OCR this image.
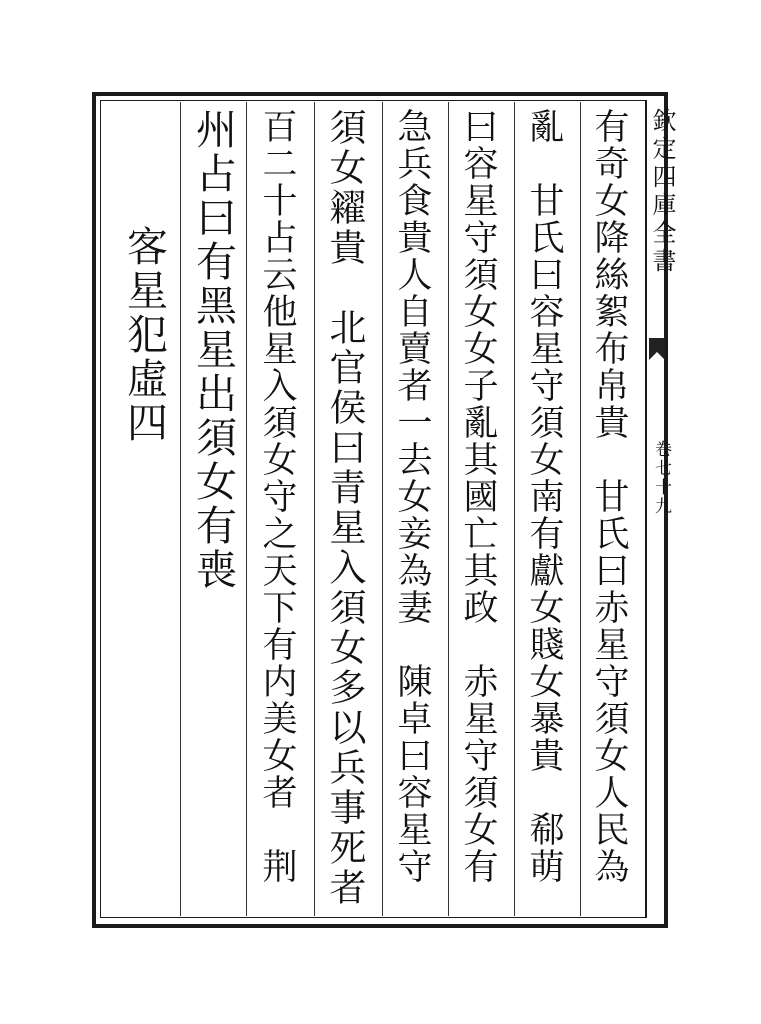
欽定四庫全書
卷七十九
有奇女降絲絮布帛貴　甘氏曰赤星守須女人民為
亂　甘氏曰容星守須女南有獻女賤女暴貴　郗萌
曰容星守須女女子亂其國亡其政　赤星守須女有
急兵食貴人自賣者一去女妾為妻　陳卓曰容星守
須女糴貴　北官侯曰青星入須女多以兵事死者
百二十占云他星入須女守之天下有内美女者　荆
州占曰有黑星出須女有喪
客星犯虛四
